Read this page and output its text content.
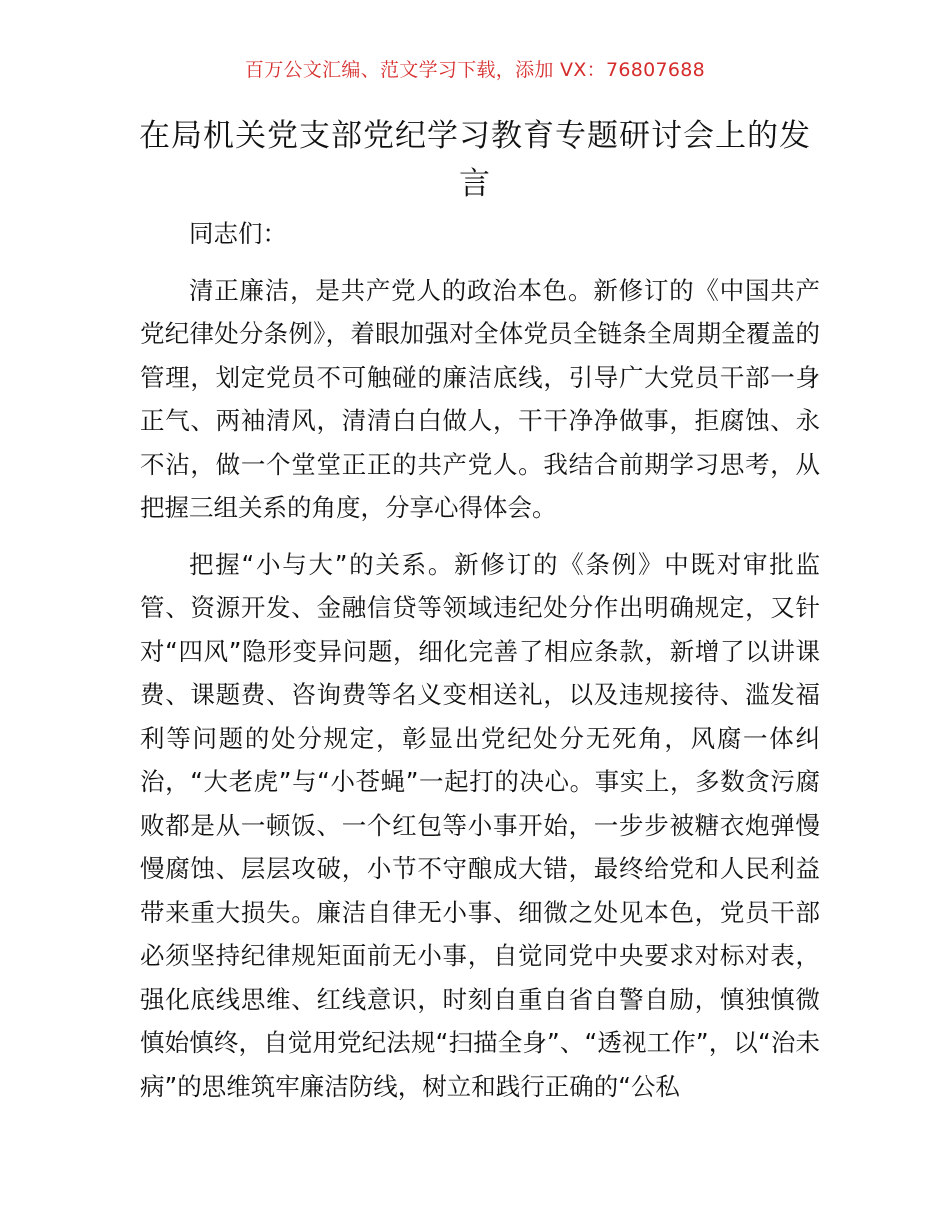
百万公文汇编、范文学习下载，添加 VX：76807688
在局机关党支部党纪学习教育专题研讨会上的发言

同志们：

清正廉洁，是共产党人的政治本色。新修订的《中国共产党纪律处分条例》，着眼加强对全体党员全链条全周期全覆盖的管理，划定党员不可触碰的廉洁底线，引导广大党员干部一身正气、两袖清风，清清白白做人，干干净净做事，拒腐蚀、永不沾，做一个堂堂正正的共产党人。我结合前期学习思考，从把握三组关系的角度，分享心得体会。

把握“小与大”的关系。新修订的《条例》中既对审批监管、资源开发、金融信贷等领域违纪处分作出明确规定，又针对“四风”隐形变异问题，细化完善了相应条款，新增了以讲课费、课题费、咨询费等名义变相送礼，以及违规接待、滥发福利等问题的处分规定，彰显出党纪处分无死角，风腐一体纠治，“大老虎”与“小苍蝇”一起打的决心。事实上，多数贪污腐败都是从一顿饭、一个红包等小事开始，一步步被糖衣炮弹慢慢腐蚀、层层攻破，小节不守酿成大错，最终给党和人民利益带来重大损失。廉洁自律无小事、细微之处见本色，党员干部必须坚持纪律规矩面前无小事，自觉同党中央要求对标对表，强化底线思维、红线意识，时刻自重自省自警自励，慎独慎微慎始慎终，自觉用党纪法规“扫描全身”、“透视工作”，以“治未病”的思维筑牢廉洁防线，树立和践行正确的“公私
